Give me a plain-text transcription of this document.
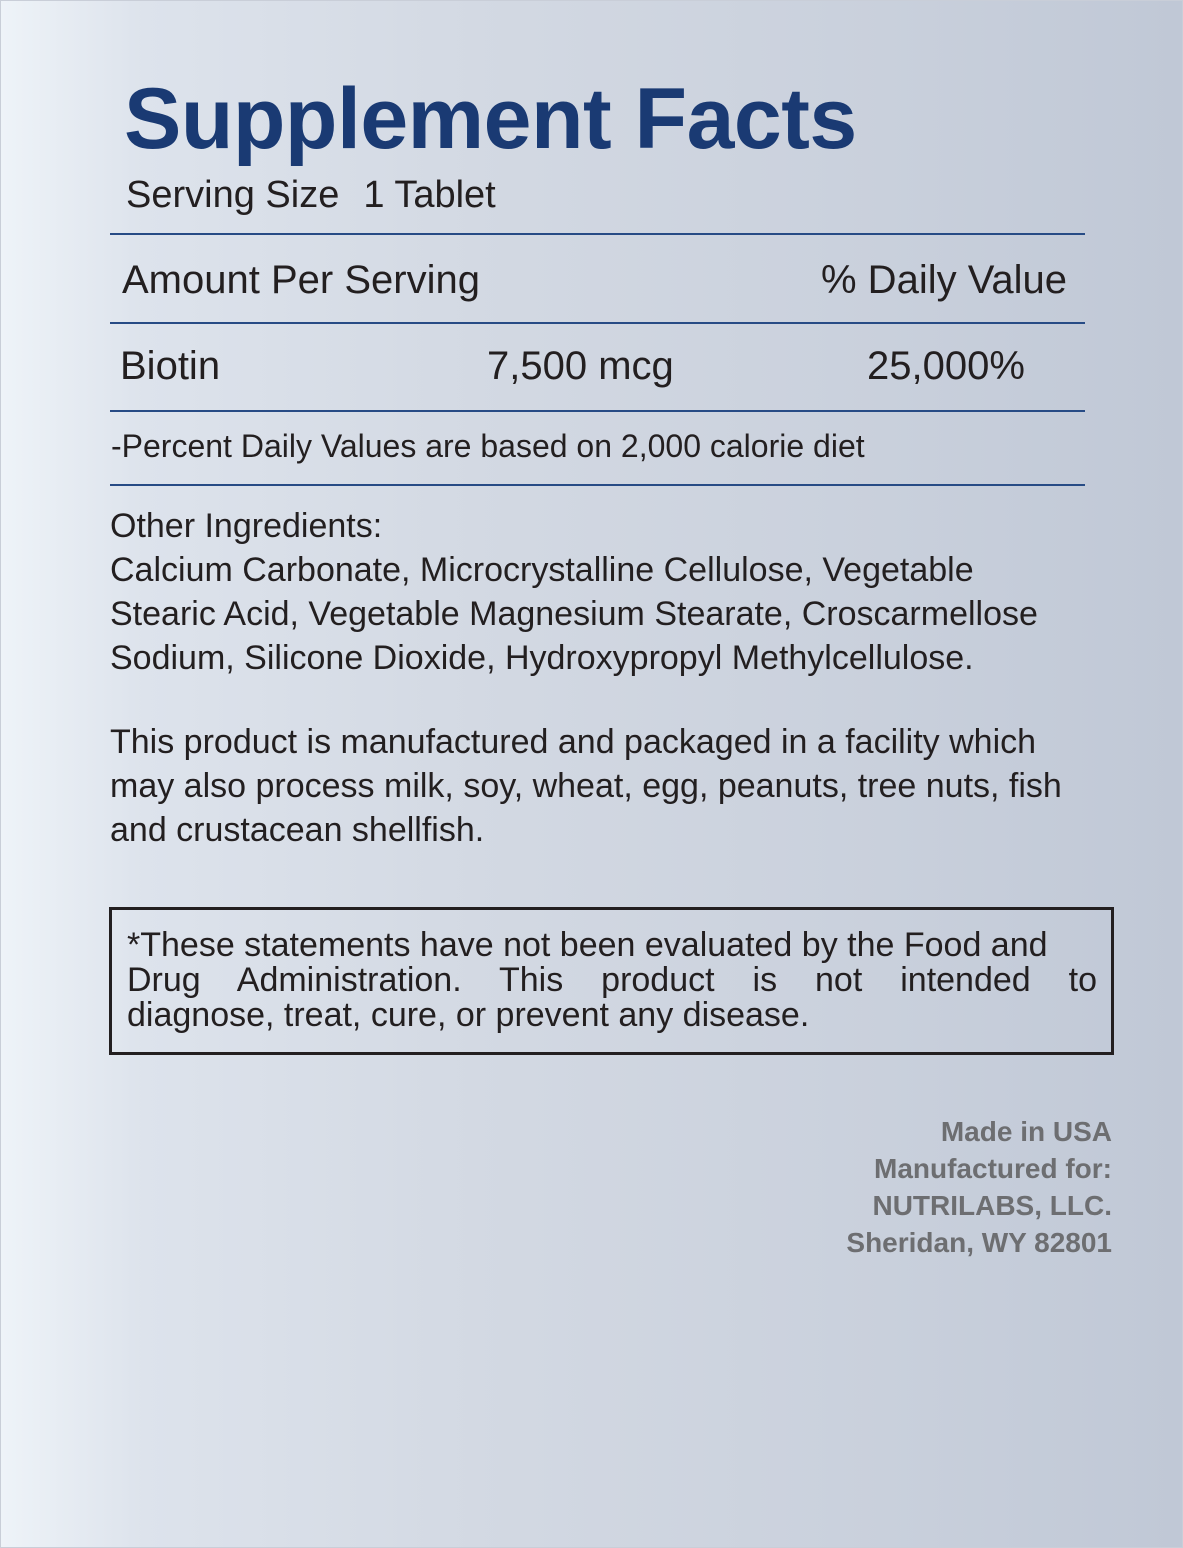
Supplement Facts
Serving Size 1 Tablet
Amount Per Serving	% Daily Value
Biotin	7,500 mcg	25,000%
-Percent Daily Values are based on 2,000 calorie diet
Other Ingredients:
Calcium Carbonate, Microcrystalline Cellulose, Vegetable
Stearic Acid, Vegetable Magnesium Stearate, Croscarmellose
Sodium, Silicone Dioxide, Hydroxypropyl Methylcellulose.
This product is manufactured and packaged in a facility which
may also process milk, soy, wheat, egg, peanuts, tree nuts, fish
and crustacean shellfish.
*These statements have not been evaluated by the Food and
Drug Administration. This product is not intended to
diagnose, treat, cure, or prevent any disease.
Made in USA
Manufactured for:
NUTRILABS, LLC.
Sheridan, WY 82801
